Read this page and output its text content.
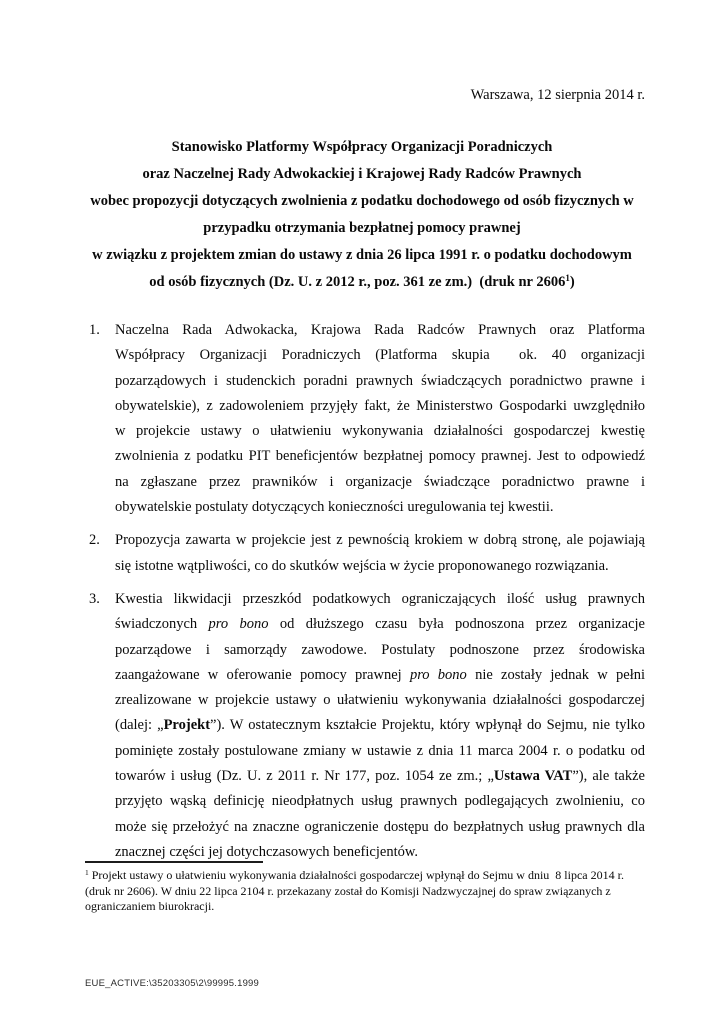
Warszawa, 12 sierpnia 2014 r.
Stanowisko Platformy Współpracy Organizacji Poradniczych
oraz Naczelnej Rady Adwokackiej i Krajowej Rady Radców Prawnych
wobec propozycji dotyczących zwolnienia z podatku dochodowego od osób fizycznych w
przypadku otrzymania bezpłatnej pomocy prawnej
w związku z projektem zmian do ustawy z dnia 26 lipca 1991 r. o podatku dochodowym
od osób fizycznych (Dz. U. z 2012 r., poz. 361 ze zm.)  (druk nr 2606$^1$)
1. Naczelna Rada Adwokacka, Krajowa Rada Radców Prawnych oraz Platforma
Współpracy Organizacji Poradniczych (Platforma skupia  ok. 40 organizacji
pozarządowych i studenckich poradni prawnych świadczących poradnictwo prawne i
obywatelskie), z zadowoleniem przyjęły fakt, że Ministerstwo Gospodarki uwzględniło
w projekcie ustawy o ułatwieniu wykonywania działalności gospodarczej kwestię
zwolnienia z podatku PIT beneficjentów bezpłatnej pomocy prawnej. Jest to odpowiedź
na zgłaszane przez prawników i organizacje świadczące poradnictwo prawne i
obywatelskie postulaty dotyczących konieczności uregulowania tej kwestii.
2. Propozycja zawarta w projekcie jest z pewnością krokiem w dobrą stronę, ale pojawiają
się istotne wątpliwości, co do skutków wejścia w życie proponowanego rozwiązania.
3. Kwestia likwidacji przeszkód podatkowych ograniczających ilość usług prawnych
świadczonych pro bono od dłuższego czasu była podnoszona przez organizacje
pozarządowe i samorządy zawodowe. Postulaty podnoszone przez środowiska
zaangażowane w oferowanie pomocy prawnej pro bono nie zostały jednak w pełni
zrealizowane w projekcie ustawy o ułatwieniu wykonywania działalności gospodarczej
(dalej: „Projekt”). W ostatecznym kształcie Projektu, który wpłynął do Sejmu, nie tylko
pominięte zostały postulowane zmiany w ustawie z dnia 11 marca 2004 r. o podatku od
towarów i usług (Dz. U. z 2011 r. Nr 177, poz. 1054 ze zm.; „Ustawa VAT”), ale także
przyjęto wąską definicję nieodpłatnych usług prawnych podlegających zwolnieniu, co
może się przełożyć na znaczne ograniczenie dostępu do bezpłatnych usług prawnych dla
znacznej części jej dotychczasowych beneficjentów.
$^1$ Projekt ustawy o ułatwieniu wykonywania działalności gospodarczej wpłynął do Sejmu w dniu  8 lipca 2014 r. (druk nr 2606). W dniu 22 lipca 2104 r. przekazany został do Komisji Nadzwyczajnej do spraw związanych z ograniczaniem biurokracji.
EUE_ACTIVE:\35203305\2\99995.1999
